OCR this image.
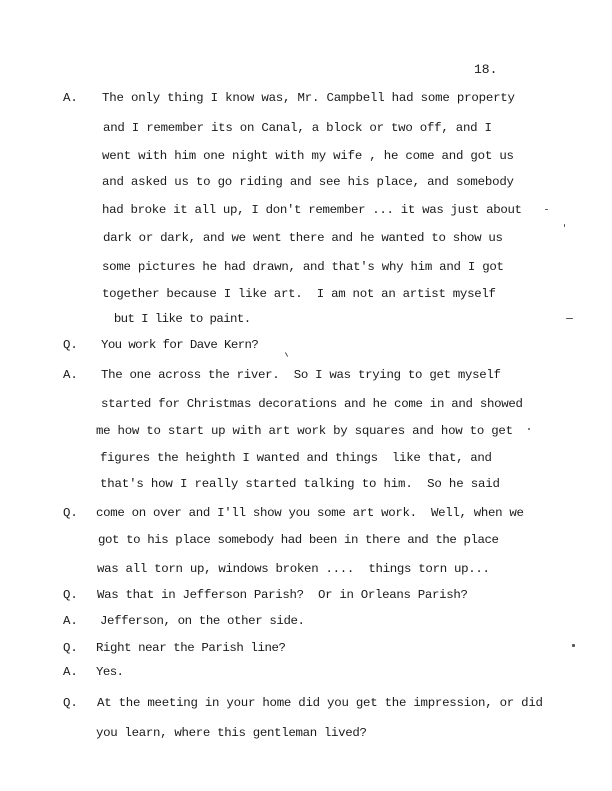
18.
A. The only thing I know was, Mr. Campbell had some property
and I remember its on Canal, a block or two off, and I
went with him one night with my wife , he come and got us
and asked us to go riding and see his place, and somebody
had broke it all up, I don't remember ... it was just about
dark or dark, and we went there and he wanted to show us
some pictures he had drawn, and that's why him and I got
together because I like art.  I am not an artist myself
but I like to paint.
Q. You work for Dave Kern?
A. The one across the river.  So I was trying to get myself
started for Christmas decorations and he come in and showed
me how to start up with art work by squares and how to get
figures the heighth I wanted and things  like that, and
that's how I really started talking to him.  So he said
Q. come on over and I'll show you some art work.  Well, when we
got to his place somebody had been in there and the place
was all torn up, windows broken ....  things torn up...
Q. Was that in Jefferson Parish?  Or in Orleans Parish?
A. Jefferson, on the other side.
Q. Right near the Parish line?
A. Yes.
Q. At the meeting in your home did you get the impression, or did
you learn, where this gentleman lived?
